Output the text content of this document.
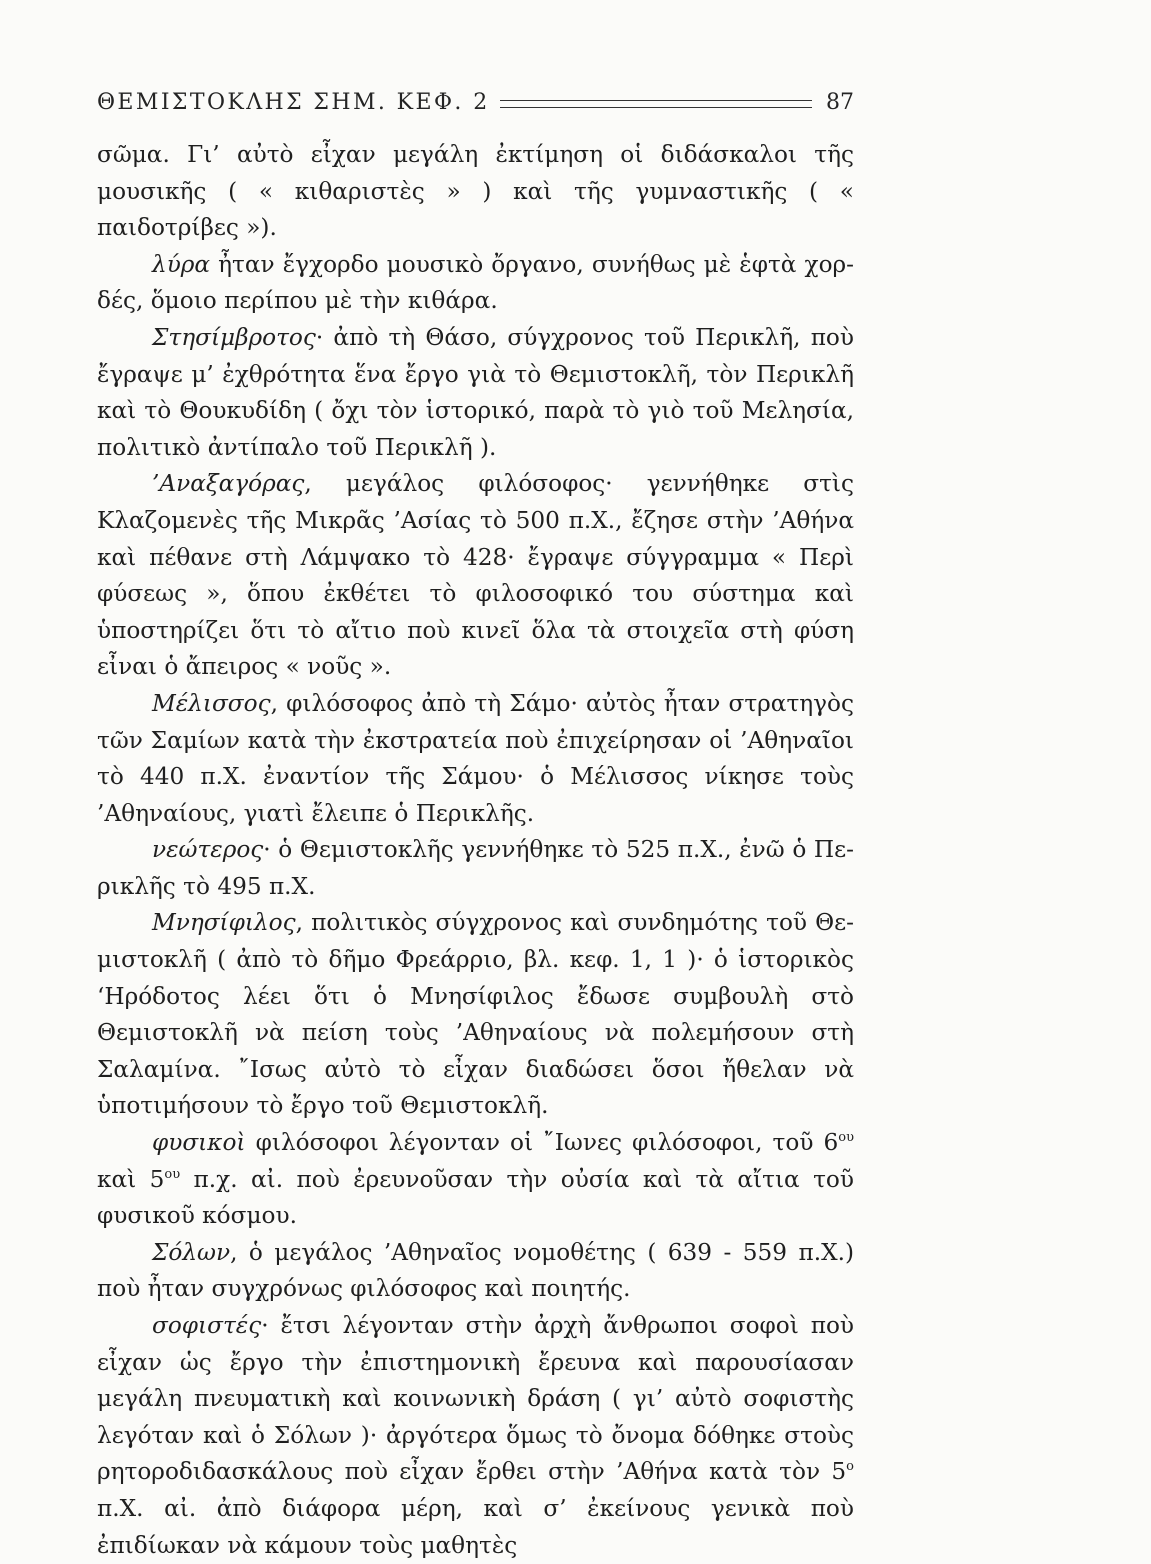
ΘΕΜΙΣΤΟΚΛΗΣ ΣΗΜ. ΚΕΦ. 2	87

σῶμα. Γι’ αὐτὸ εἶχαν μεγάλη ἐκτίμηση οἱ διδάσκαλοι τῆς μουσικῆς ( « κιθαριστὲς » ) καὶ τῆς γυμναστικῆς ( « παιδοτρίβες »).

λύρα ἦταν ἔγχορδο μουσικὸ ὄργανο, συνήθως μὲ ἑφτὰ χορδές, ὅμοιο περίπου μὲ τὴν κιθάρα.

Στησίμβροτος· ἀπὸ τὴ Θάσο, σύγχρονος τοῦ Περικλῆ, ποὺ ἔγραψε μ’ ἐχθρότητα ἕνα ἔργο γιὰ τὸ Θεμιστοκλῆ, τὸν Περικλῆ καὶ τὸ Θουκυδίδη ( ὄχι τὸν ἱστορικό, παρὰ τὸ γιὸ τοῦ Μελησία, πολιτικὸ ἀντίπαλο τοῦ Περικλῆ ).

’Αναξαγόρας, μεγάλος φιλόσοφος· γεννήθηκε στὶς Κλαζομενὲς τῆς Μικρᾶς ’Ασίας τὸ 500 π.Χ., ἔζησε στὴν ’Αθήνα καὶ πέθανε στὴ Λάμψακο τὸ 428· ἔγραψε σύγγραμμα « Περὶ φύσεως », ὅπου ἐκθέτει τὸ φιλοσοφικό του σύστημα καὶ ὑποστηρίζει ὅτι τὸ αἴτιο ποὺ κινεῖ ὅλα τὰ στοιχεῖα στὴ φύση εἶναι ὁ ἄπειρος « νοῦς ».

Μέλισσος, φιλόσοφος ἀπὸ τὴ Σάμο· αὐτὸς ἦταν στρατηγὸς τῶν Σαμίων κατὰ τὴν ἐκστρατεία ποὺ ἐπιχείρησαν οἱ ’Αθηναῖοι τὸ 440 π.Χ. ἐναντίον τῆς Σάμου· ὁ Μέλισσος νίκησε τοὺς ’Αθηναίους, γιατὶ ἔλειπε ὁ Περικλῆς.

νεώτερος· ὁ Θεμιστοκλῆς γεννήθηκε τὸ 525 π.Χ., ἐνῶ ὁ Περικλῆς τὸ 495 π.Χ.

Μνησίφιλος, πολιτικὸς σύγχρονος καὶ συνδημότης τοῦ Θεμιστοκλῆ ( ἀπὸ τὸ δῆμο Φρεάρριο, βλ. κεφ. 1, 1 )· ὁ ἱστορικὸς ‘Ηρόδοτος λέει ὅτι ὁ Μνησίφιλος ἔδωσε συμβουλὴ στὸ Θεμιστοκλῆ νὰ πείση τοὺς ’Αθηναίους νὰ πολεμήσουν στὴ Σαλαμίνα. ῎Ισως αὐτὸ τὸ εἶχαν διαδώσει ὅσοι ἤθελαν νὰ ὑποτιμήσουν τὸ ἔργο τοῦ Θεμιστοκλῆ.

φυσικοὶ φιλόσοφοι λέγονταν οἱ ῎Ιωνες φιλόσοφοι, τοῦ $6^{o\upsilon}$ καὶ $5^{o\upsilon}$ π.χ. αἰ. ποὺ ἐρευνοῦσαν τὴν οὐσία καὶ τὰ αἴτια τοῦ φυσικοῦ κόσμου.

Σόλων, ὁ μεγάλος ’Αθηναῖος νομοθέτης ( 639 - 559 π.Χ.) ποὺ ἦταν συγχρόνως φιλόσοφος καὶ ποιητής.

σοφιστές· ἔτσι λέγονταν στὴν ἀρχὴ ἄνθρωποι σοφοὶ ποὺ εἶχαν ὡς ἔργο τὴν ἐπιστημονικὴ ἔρευνα καὶ παρουσίασαν μεγάλη πνευματικὴ καὶ κοινωνικὴ δράση ( γι’ αὐτὸ σοφιστὴς λεγόταν καὶ ὁ Σόλων )· ἀργότερα ὅμως τὸ ὄνομα δόθηκε στοὺς ρητοροδιδασκάλους ποὺ εἶχαν ἔρθει στὴν ’Αθήνα κατὰ τὸν $5^o$ π.Χ. αἰ. ἀπὸ διάφορα μέρη, καὶ σ’ ἐκείνους γενικὰ ποὺ ἐπιδίωκαν νὰ κάμουν τοὺς μαθητὲς
